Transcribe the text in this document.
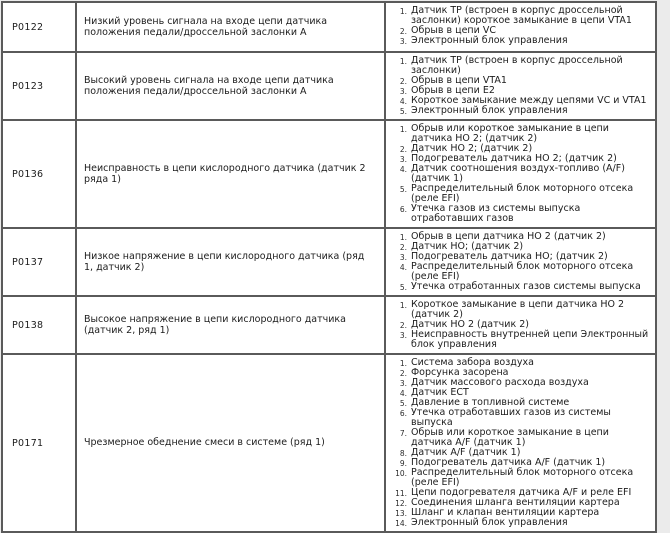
P0122	Низкий уровень сигнала на входе цепи датчика положения педали/дроссельной заслонки A	
Датчик TP (встроен в корпус дроссельной заслонки) короткое замыкание в цепи VTA1
Обрыв в цепи VC
Электронный блок управления

P0123	Высокий уровень сигнала на входе цепи датчика положения педали/дроссельной заслонки A	
Датчик TP (встроен в корпус дроссельной заслонки)
Обрыв в цепи VTA1
Обрыв в цепи E2
Короткое замыкание между цепями VC и VTA1
Электронный блок управления

P0136	Неисправность в цепи кислородного датчика (датчик 2 ряда 1)	
Обрыв или короткое замыкание в цепи датчика HO 2; (датчик 2)
Датчик HO 2; (датчик 2)
Подогреватель датчика HO 2; (датчик 2)
Датчик соотношения воздух-топливо (A/F) (датчик 1)
Распределительный блок моторного отсека (реле EFI)
Утечка газов из системы выпуска отработавших газов

P0137	Низкое напряжение в цепи кислородного датчика (ряд 1, датчик 2)	
Обрыв в цепи датчика HO 2 (датчик 2)
Датчик HO; (датчик 2)
Подогреватель датчика HO; (датчик 2)
Распределительный блок моторного отсека (реле EFI)
Утечка отработанных газов системы выпуска

P0138	Высокое напряжение в цепи кислородного датчика (датчик 2, ряд 1)	
Короткое замыкание в цепи датчика HO 2 (датчик 2)
Датчик HO 2 (датчик 2)
Неисправность внутренней цепи Электронный блок управления

P0171	Чрезмерное обеднение смеси в системе (ряд 1)	
Система забора воздуха
Форсунка засорена
Датчик массового расхода воздуха
Датчик ECT
Давление в топливной системе
Утечка отработавших газов из системы выпуска
Обрыв или короткое замыкание в цепи датчика A/F (датчик 1)
Датчик A/F (датчик 1)
Подогреватель датчика A/F (датчик 1)
Распределительный блок моторного отсека (реле EFI)
Цепи подогревателя датчика A/F и реле EFI
Соединения шланга вентиляции картера
Шланг и клапан вентиляции картера
Электронный блок управления
